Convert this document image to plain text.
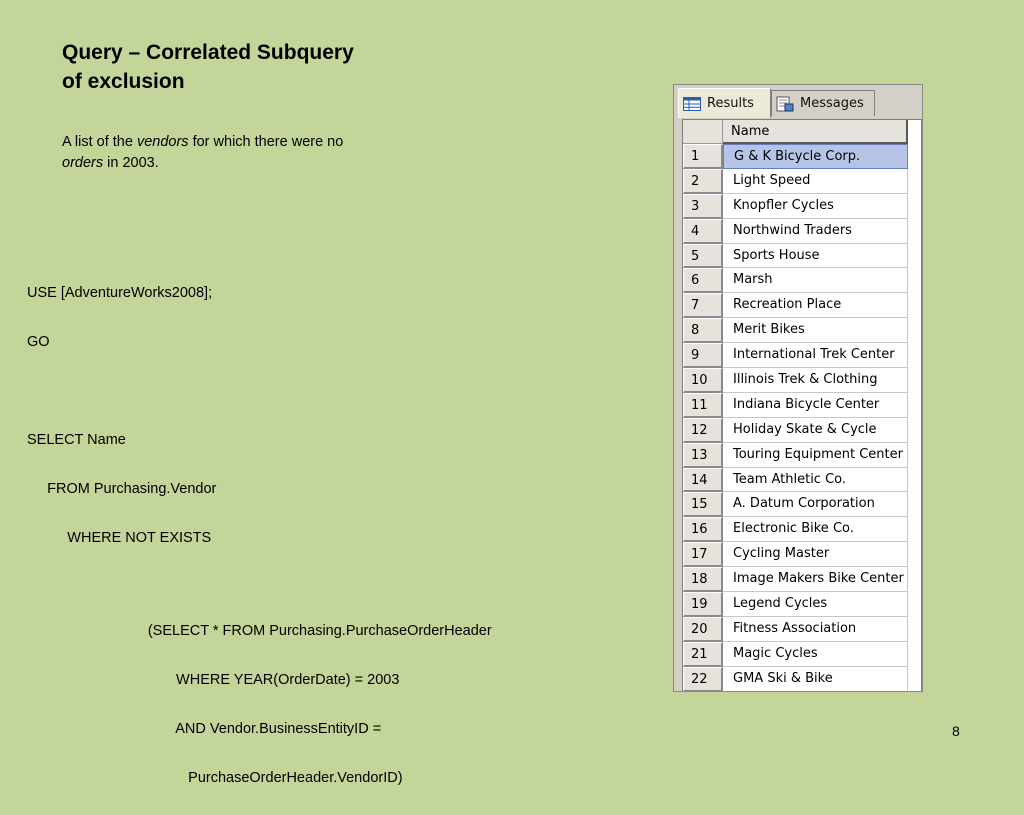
Query – Correlated Subquery
of exclusion
A list of the vendors for which there were no
orders in 2003.

USE [AdventureWorks2008];

GO

SELECT Name

FROM Purchasing.Vendor

WHERE NOT EXISTS

(SELECT * FROM Purchasing.PurchaseOrderHeader

WHERE YEAR(OrderDate) = 2003

AND Vendor.BusinessEntityID =

PurchaseOrderHeader.VendorID)

Results	Messages
Name
1	G & K Bicycle Corp.
2	Light Speed
3	Knopfler Cycles
4	Northwind Traders
5	Sports House
6	Marsh
7	Recreation Place
8	Merit Bikes
9	International Trek Center
10	Illinois Trek & Clothing
11	Indiana Bicycle Center
12	Holiday Skate & Cycle
13	Touring Equipment Center
14	Team Athletic Co.
15	A. Datum Corporation
16	Electronic Bike Co.
17	Cycling Master
18	Image Makers Bike Center
19	Legend Cycles
20	Fitness Association
21	Magic Cycles
22	GMA Ski & Bike
8
